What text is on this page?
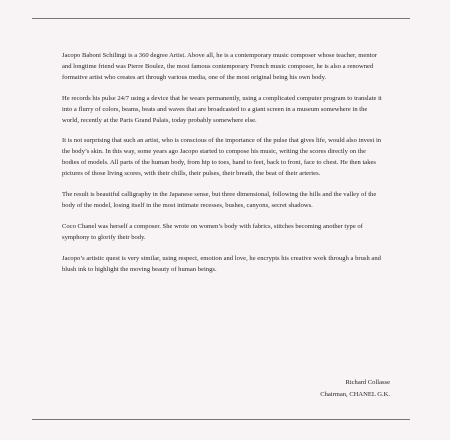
Jacopo Baboni Schilingi is a 360 degree Artist. Above all, he is a contemporary music composer whose teacher, mentor and longtime friend was Pierre Boulez, the most famous contemporary French music composer, he is also a renowned formative artist who creates art through various media, one of the most original being his own body.

He records his pulse 24/7 using a device that he wears permanently, using a complicated computer program to translate it into a flurry of colors, beams, beats and waves that are broadcasted to a giant screen in a museum somewhere in the world, recently at the Paris Grand Palais, today probably somewhere else.

It is not surprising that such an artist, who is conscious of the importance of the pulse that gives life, would also invest in the body’s skin. In this way, some years ago Jacopo started to compose his music, writing the scores directly on the bodies of models. All parts of the human body, from hip to toes, hand to feet, back to front, face to chest. He then takes pictures of those living scores, with their chills, their pulses, their breath, the beat of their arteries.

The result is beautiful calligraphy in the Japanese sense, but three dimensional, following the hills and the valley of the body of the model, losing itself in the most intimate recesses, bushes, canyons, secret shadows.

Coco Chanel was herself a composer. She wrote on women’s body with fabrics, stitches becoming another type of symphony to glorify their body.

Jacopo’s artistic quest is very similar, using respect, emotion and love, he encrypts his creative work through a brush and blush ink to highlight the moving beauty of human beings.

Richard Collasse
Chairman, CHANEL G.K.
